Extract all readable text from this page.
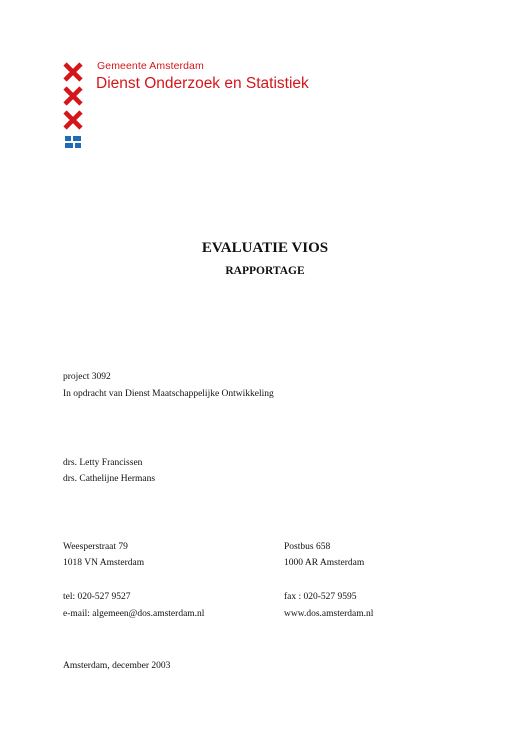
Gemeente Amsterdam
Dienst Onderzoek en Statistiek
EVALUATIE VIOS
RAPPORTAGE
project 3092
In opdracht van Dienst Maatschappelijke Ontwikkeling
drs. Letty Francissen
drs. Cathelijne Hermans
Weesperstraat 79
1018 VN Amsterdam
Postbus 658
1000 AR Amsterdam
tel: 020-527 9527
e-mail: algemeen@dos.amsterdam.nl
fax : 020-527 9595
www.dos.amsterdam.nl
Amsterdam, december 2003
